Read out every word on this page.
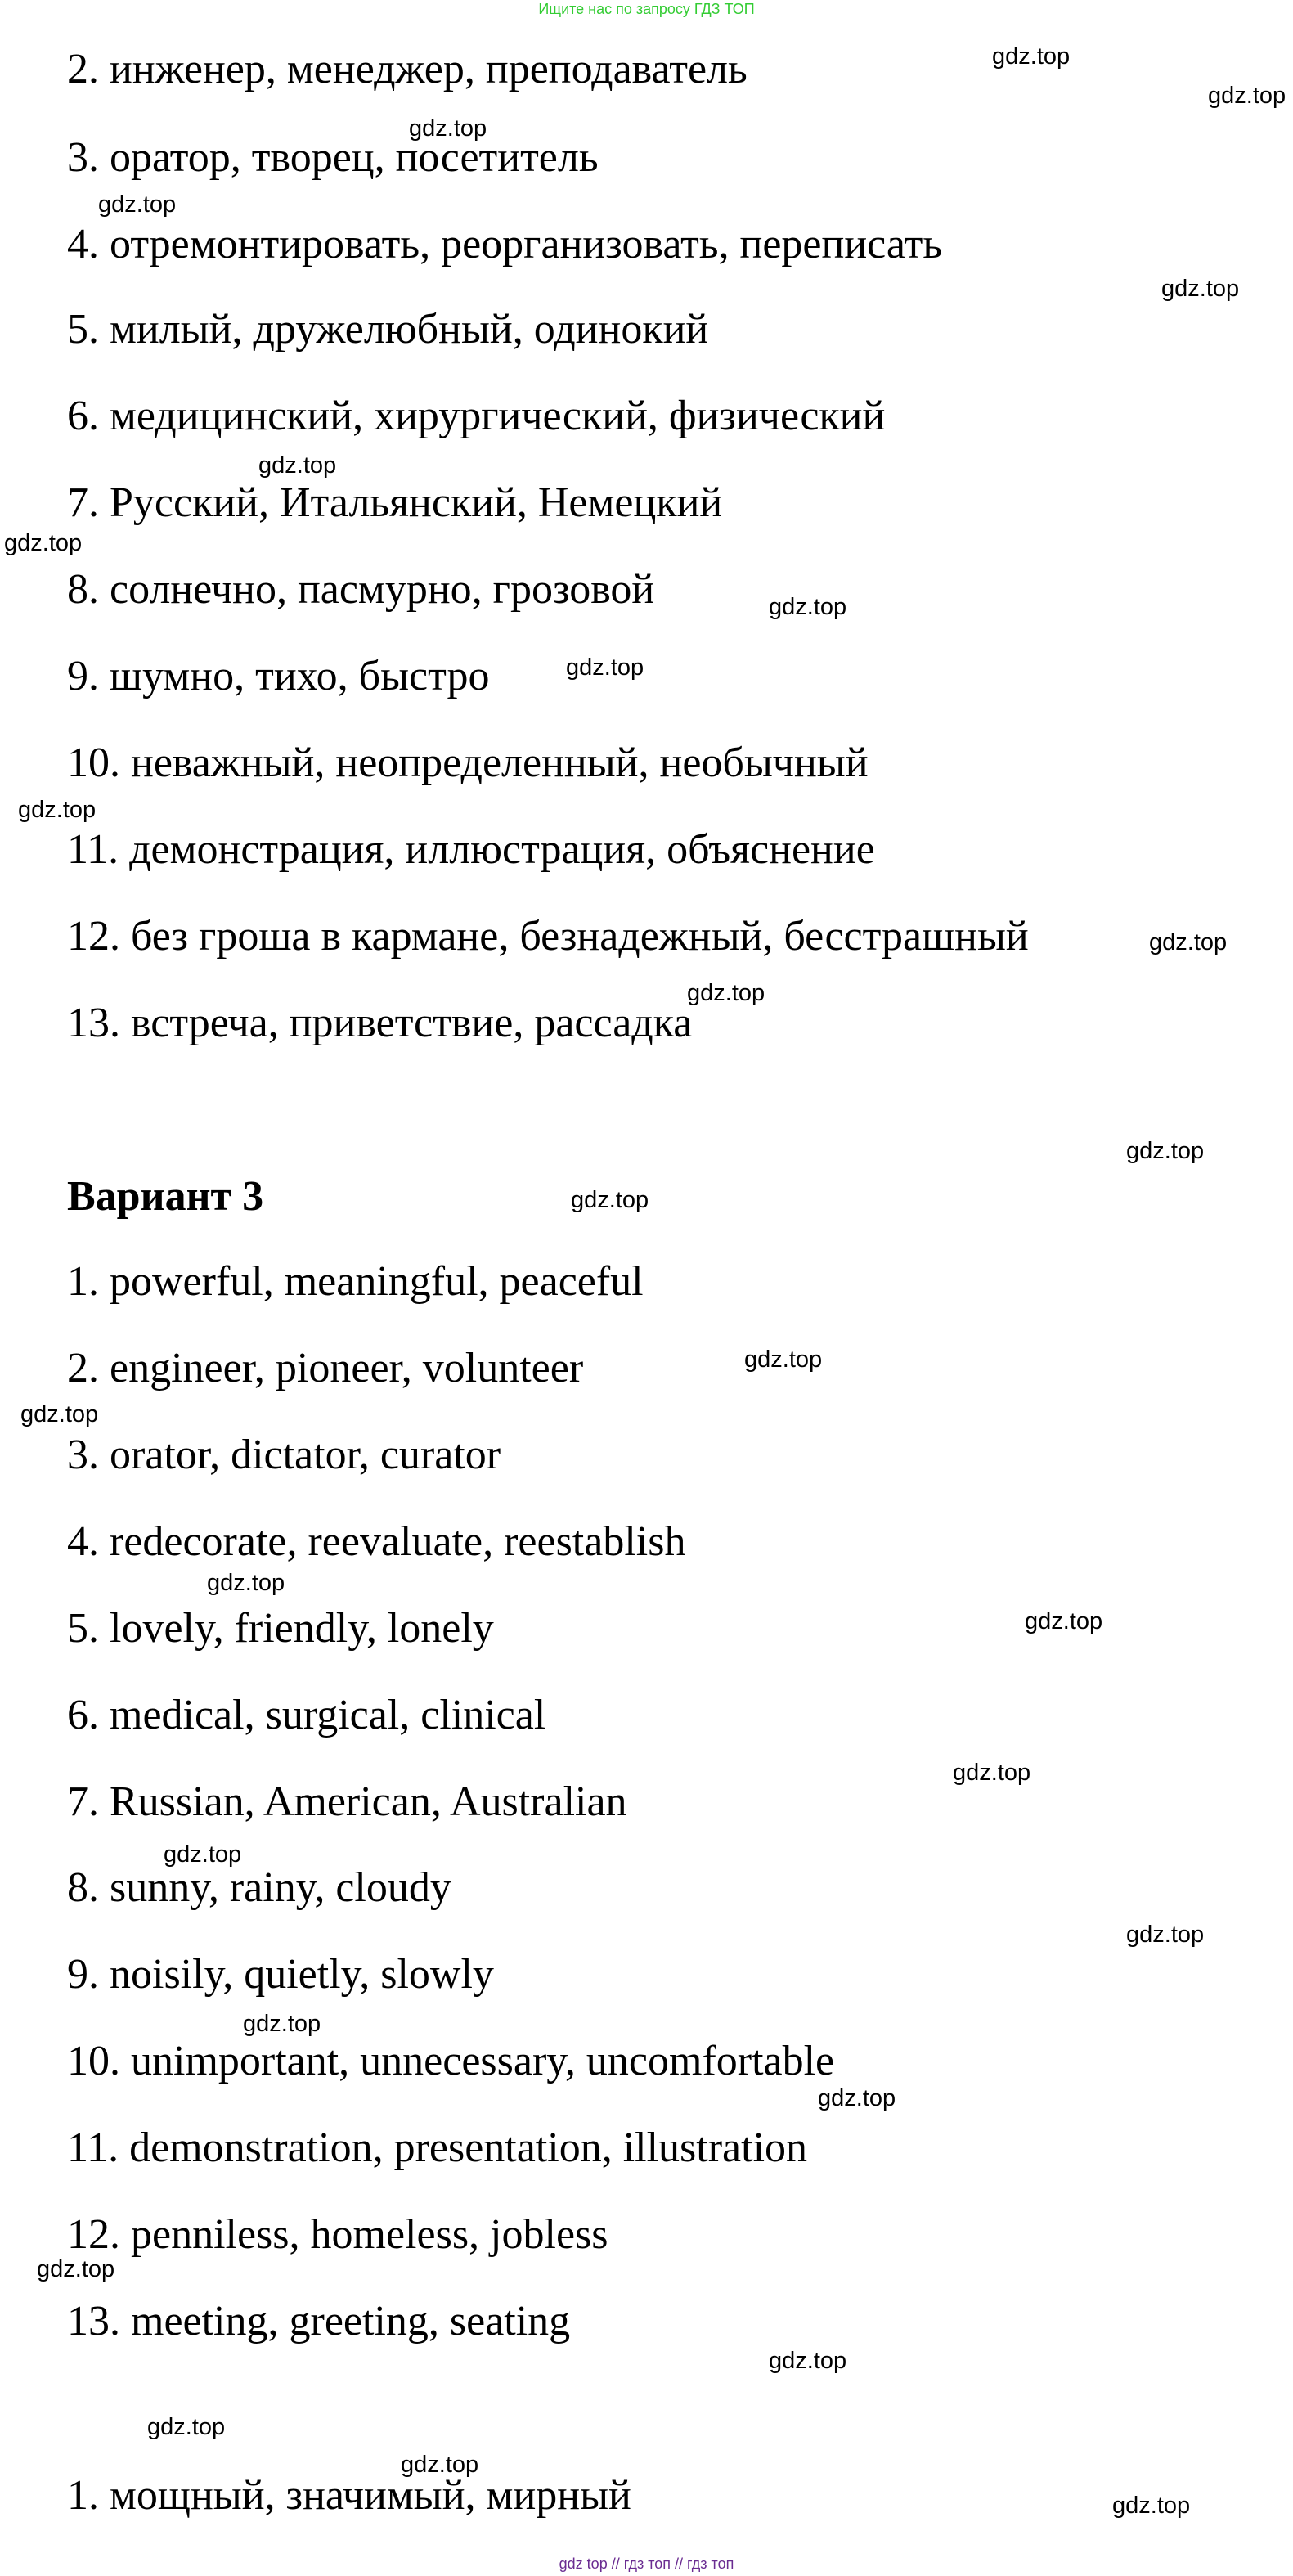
Ищите нас по запросу ГДЗ ТОП
2. инженер, менеджер, преподаватель
3. оратор, творец, посетитель
4. отремонтировать, реорганизовать, переписать
5. милый, дружелюбный, одинокий
6. медицинский, хирургический, физический
7. Русский, Итальянский, Немецкий
8. солнечно, пасмурно, грозовой
9. шумно, тихо, быстро
10. неважный, неопределенный, необычный
11. демонстрация, иллюстрация, объяснение
12. без гроша в кармане, безнадежный, бесстрашный
13. встреча, приветствие, рассадка
Вариант 3
1. powerful, meaningful, peaceful
2. engineer, pioneer, volunteer
3. orator, dictator, curator
4. redecorate, reevaluate, reestablish
5. lovely, friendly, lonely
6. medical, surgical, clinical
7. Russian, American, Australian
8. sunny, rainy, cloudy
9. noisily, quietly, slowly
10. unimportant, unnecessary, uncomfortable
11. demonstration, presentation, illustration
12. penniless, homeless, jobless
13. meeting, greeting, seating
1. мощный, значимый, мирный
gdz.top
gdz.top
gdz.top
gdz.top
gdz.top
gdz.top
gdz.top
gdz.top
gdz.top
gdz.top
gdz.top
gdz.top
gdz.top
gdz.top
gdz.top
gdz.top
gdz.top
gdz.top
gdz.top
gdz.top
gdz.top
gdz.top
gdz.top
gdz.top
gdz.top
gdz.top
gdz.top
gdz.top
gdz top // гдз топ // гдз топ
